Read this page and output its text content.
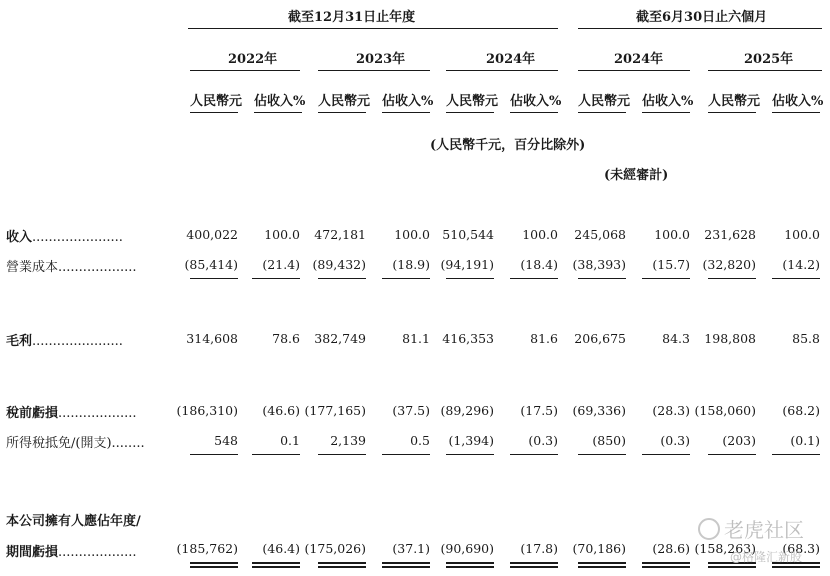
截至12月31日止年度	截至6月30日止六個月
2022年	2023年	2024年	2024年	2025年
人民幣元 佔收入% 人民幣元 佔收入% 人民幣元 佔收入% 人民幣元 佔收入% 人民幣元 佔收入%
(人民幣千元，百分比除外)
(未經審計)
收入......................	400,022	100.0	472,181	100.0 510,544	100.0	245,068	100.0	231,628	100.0
營業成本...................	(85,414)	(21.4)	(89,432)	(18.9) (94,191)	(18.4)	(38,393)	(15.7)	(32,820)	(14.2)
毛利......................	314,608	78.6	382,749	81.1 416,353	81.6	206,675	84.3	198,808	85.8
稅前虧損...................	(186,310)	(46.6) (177,165)	(37.5) (89,296)	(17.5)	(69,336)	(28.3) (158,060)	(68.2)
所得稅抵免/(開支)........	548	0.1	2,139	0.5	(1,394)	(0.3)	(850)	(0.3)	(203)	(0.1)
本公司擁有人應佔年度/
期間虧損...................	(185,762)	(46.4) (175,026)	(37.1) (90,690)	(17.8)	(70,186)	(28.6) (158,263)	(68.3)
老虎社区
@格隆汇新股
